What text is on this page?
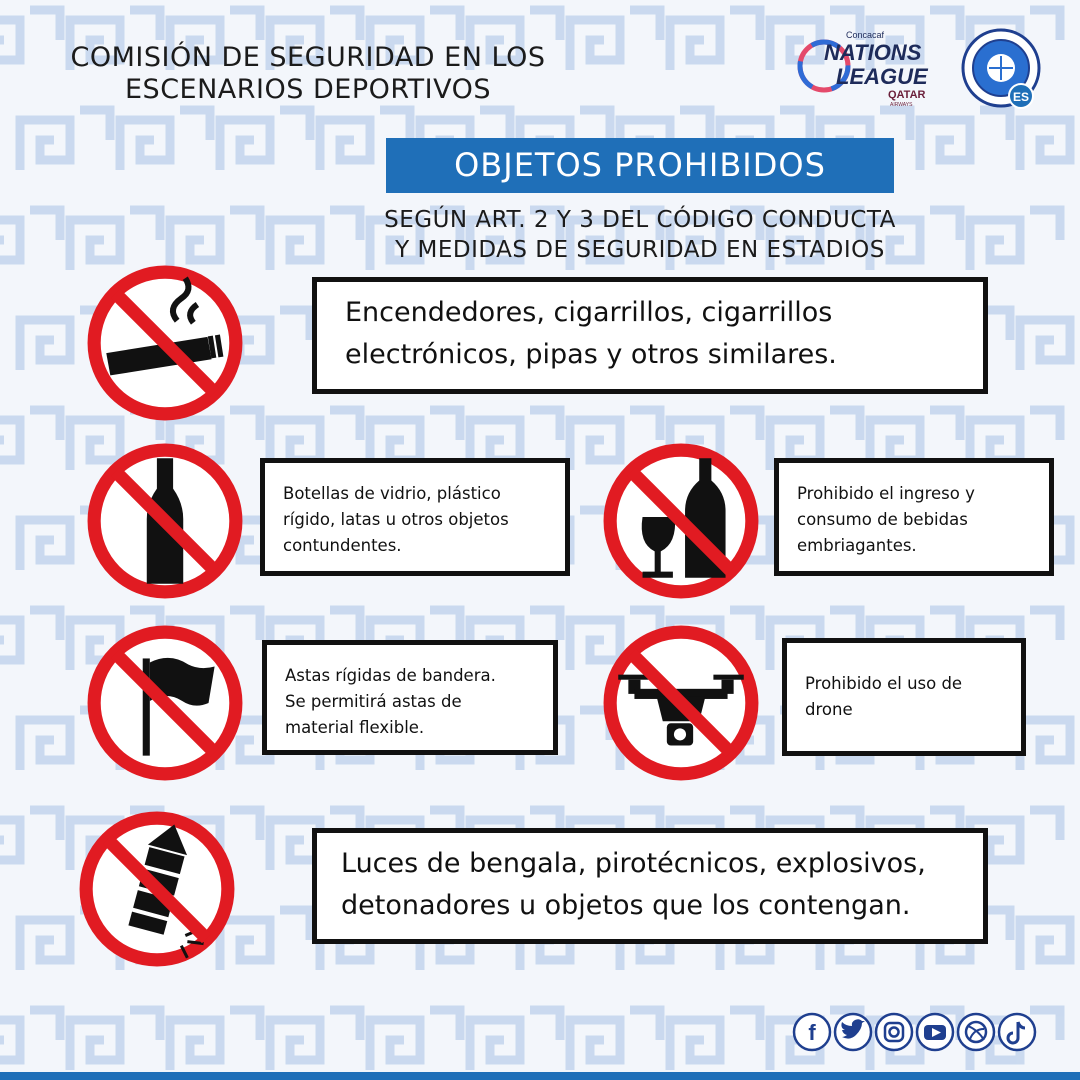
COMISIÓN DE SEGURIDAD EN LOS
ESCENARIOS DEPORTIVOS
Concacaf
NATIONS
LEAGUE
QATAR
AIRWAYS
ES
OBJETOS PROHIBIDOS
SEGÚN ART. 2 Y 3 DEL CÓDIGO CONDUCTA
Y MEDIDAS DE SEGURIDAD EN ESTADIOS
Encendedores, cigarrillos, cigarrillos
electrónicos, pipas y otros similares.
Botellas de vidrio, plástico
rígido, latas u otros objetos
contundentes.
Prohibido el ingreso y
consumo de bebidas
embriagantes.
Astas rígidas de bandera.
Se permitirá astas de
material flexible.
Prohibido el uso de
drone
Luces de bengala, pirotécnicos, explosivos,
detonadores u objetos que los contengan.
f
